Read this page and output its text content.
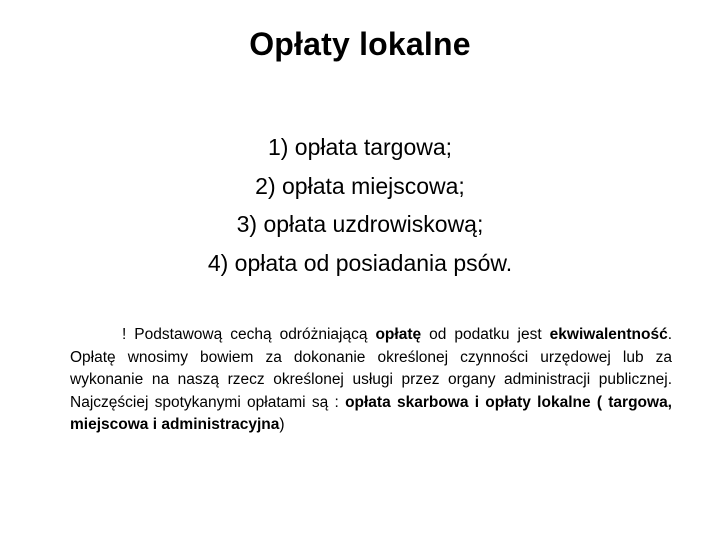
Opłaty lokalne
1) opłata targowa;
2) opłata miejscowa;
3) opłata uzdrowiskową;
4) opłata od posiadania psów.

! Podstawową cechą odróżniającą opłatę od podatku jest ekwiwalentność. Opłatę wnosimy bowiem za dokonanie określonej czynności urzędowej lub za wykonanie na naszą rzecz określonej usługi przez organy administracji publicznej. Najczęściej spotykanymi opłatami są : opłata skarbowa i opłaty lokalne ( targowa, miejscowa i administracyjna)
